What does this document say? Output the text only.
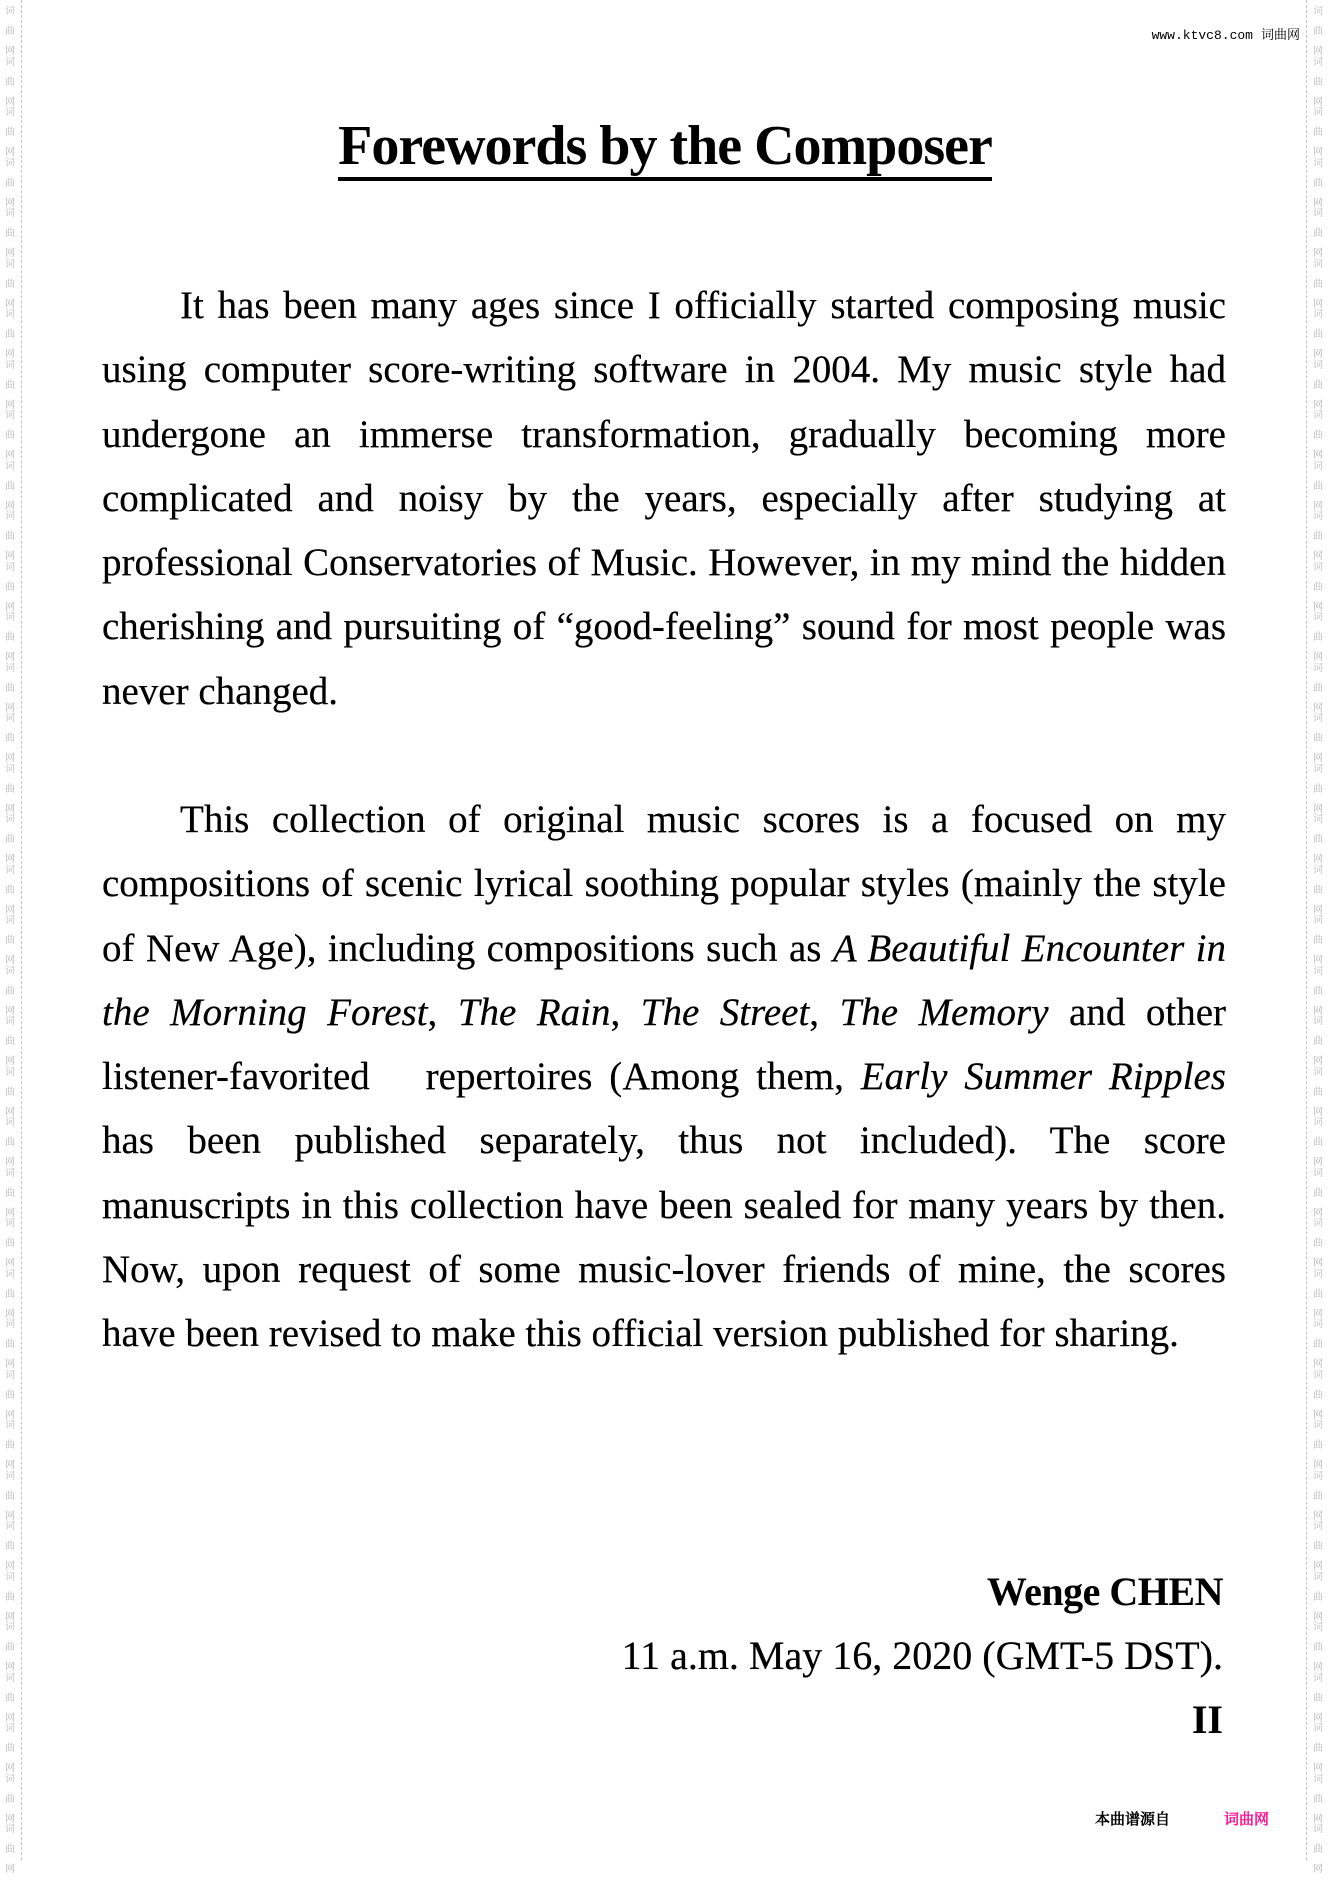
词
曲
网
词
曲
网
词
曲
网
词
曲
网
词
曲
网
词
曲
网
词
曲
网
词
曲
网
词
曲
网
词
曲
网
词
曲
网
词
曲
网
词
曲
网
词
曲
网
词
曲
网
词
曲
网
词
曲
网
词
曲
网
词
曲
网
词
曲
网
词
曲
网
词
曲
网
词
曲
网
词
曲
网
词
曲
网
词
曲
网
词
曲
网
词
曲
网
词
曲
网
词
曲
网
词
曲
网
词
曲
网
词
曲
网
词
曲
网
词
曲
网
词
曲
网
词
曲
网
词
曲
网
词
曲
网
词
曲
网
词
曲
网
词
曲
网
词
曲
网
词
曲
网
词
曲
网
词
曲
网
词
曲
网
词
曲
网
词
曲
网
词
曲
网
词
曲
网
词
曲
网
词
曲
网
词
曲
网
词
曲
网
词
曲
网
词
曲
网
词
曲
网
词
曲
网
词
曲
网
词
曲
网
词
曲
网
词
曲
网
词
曲
网
词
曲
网
词
曲
网
词
曲
网
词
曲
网
词
曲
网
词
曲
网
词
曲
网
词
曲
网
词
曲
网
词
曲
网
www.ktvc8.com 词曲网
Forewords by the Composer

It has been many ages since I officially started composing music using computer score-writing software in 2004. My music style had undergone an immerse transformation, gradually becoming more complicated and noisy by the years, especially after studying at professional Conservatories of Music. However, in my mind the hidden cherishing and pursuiting of “good-feeling” sound for most people was never changed.

This collection of original music scores is a focused on my compositions of scenic lyrical soothing popular styles (mainly the style of New Age), including compositions such as A Beautiful Encounter in the Morning Forest, The Rain, The Street, The Memory and other listener-favorited  repertoires (Among them, Early Summer Ripples has been published separately, thus not included). The score manuscripts in this collection have been sealed for many years by then. Now, upon request of some music-lover friends of mine, the scores have been revised to make this official version published for sharing.

Wenge CHEN
11 a.m. May 16, 2020 (GMT-5 DST).
II
本曲谱源自	词曲网
